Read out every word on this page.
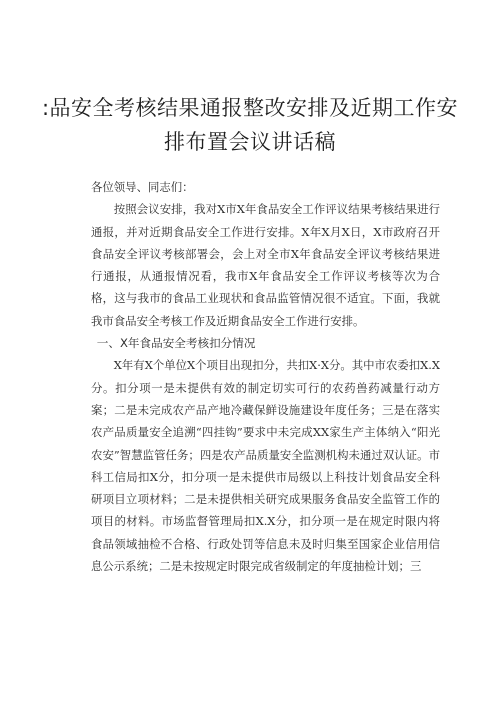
:品安全考核结果通报整改安排及近期工作安
排布置会议讲话稿

各位领导、同志们：

按照会议安排，我对X市X年食品安全工作评议结果考核结果进行通报，并对近期食品安全工作进行安排。X年X月X日，X市政府召开食品安全评议考核部署会，会上对全市X年食品安全评议考核结果进行通报，从通报情况看，我市X年食品安全工作评议考核等次为合格，这与我市的食品工业现状和食品监管情况很不适宜。下面，我就我市食品安全考核工作及近期食品安全工作进行安排。

一、X年食品安全考核扣分情况

X年有X个单位X个项目出现扣分，共扣X·X分。其中市农委扣X.X分。扣分项一是未提供有效的制定切实可行的农药兽药减量行动方案；二是未完成农产品产地冷藏保鲜设施建设年度任务；三是在落实农产品质量安全追溯“四挂钩”要求中未完成XX家生产主体纳入“阳光农安”智慧监管任务；四是农产品质量安全监测机构未通过双认证。市科工信局扣X分，扣分项一是未提供市局级以上科技计划食品安全科研项目立项材料；二是未提供相关研究成果服务食品安全监管工作的项目的材料。市场监督管理局扣X.X分，扣分项一是在规定时限内将食品领域抽检不合格、行政处罚等信息未及时归集至国家企业信用信息公示系统；二是未按规定时限完成省级制定的年度抽检计划；三
